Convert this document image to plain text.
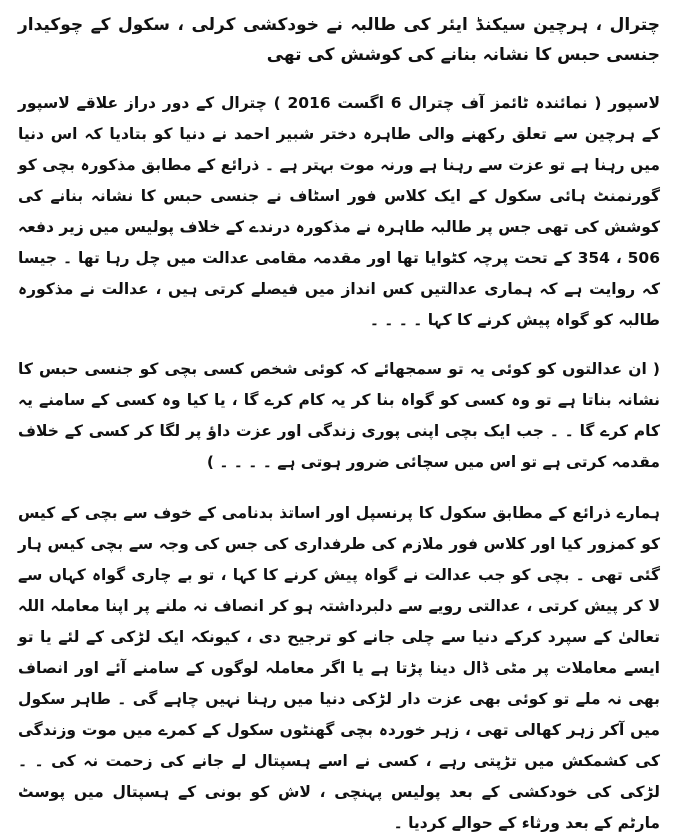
چترال ، ہرچین سیکنڈ ایئر کی طالبہ نے خودکشی کرلی ، سکول کے چوکیدار جنسی حبس کا نشانہ بنانے کی کوشش کی تھی

لاسپور ( نمائندہ ٹائمز آف چترال 6 اگست 2016 ) چترال کے دور دراز علاقے لاسپور کے ہرچین سے تعلق رکھنے والی طاہرہ دختر شبیر احمد نے دنیا کو بتادیا کہ اس دنیا میں رہنا ہے تو عزت سے رہنا ہے ورنہ موت بہتر ہے ۔ ذرائع کے مطابق مذکورہ بچی کو گورنمنٹ ہائی سکول کے ایک کلاس فور اسٹاف نے جنسی حبس کا نشانہ بنانے کی کوشش کی تھی جس پر طالبہ طاہرہ نے مذکورہ درندے کے خلاف پولیس میں زیر دفعہ 506 ، 354 کے تحت پرچہ کٹوایا تھا اور مقدمہ مقامی عدالت میں چل رہا تھا ۔ جیسا کہ روایت ہے کہ ہماری عدالتیں کس انداز میں فیصلے کرتی ہیں ، عدالت نے مذکورہ طالبہ کو گواہ پیش کرنے کا کہا ۔ ۔ ۔ ۔

( ان عدالتوں کو کوئی یہ تو سمجھائے کہ کوئی شخص کسی بچی کو جنسی حبس کا نشانہ بناتا ہے تو وہ کسی کو گواہ بنا کر یہ کام کرے گا ، یا کیا وہ کسی کے سامنے یہ کام کرے گا ۔ ۔ جب ایک بچی اپنی پوری زندگی اور عزت داؤ پر لگا کر کسی کے خلاف مقدمہ کرتی ہے تو اس میں سچائی ضرور ہوتی ہے ۔ ۔ ۔ ۔ )

ہمارے ذرائع کے مطابق سکول کا پرنسپل اور اساتذ بدنامی کے خوف سے بچی کے کیس کو کمزور کیا اور کلاس فور ملازم کی طرفداری کی جس کی وجہ سے بچی کیس ہار گئی تھی ۔ بچی کو جب عدالت نے گواہ پیش کرنے کا کہا ، تو بے چاری گواہ کہاں سے لا کر پیش کرتی ، عدالتی رویے سے دلبرداشتہ ہو کر انصاف نہ ملنے پر اپنا معاملہ اللہ تعالیٰ کے سپرد کرکے دنیا سے چلی جانے کو ترجیح دی ، کیونکہ ایک لڑکی کے لئے یا تو ایسے معاملات پر مٹی ڈال دینا پڑتا ہے یا اگر معاملہ لوگوں کے سامنے آئے اور انصاف بھی نہ ملے تو کوئی بھی عزت دار لڑکی دنیا میں رہنا نہیں چاہے گی ۔ طاہر سکول میں آکر زہر کھالی تھی ، زہر خوردہ بچی گھنٹوں سکول کے کمرے میں موت وزندگی کی کشمکش میں تڑپتی رہے ، کسی نے اسے ہسپتال لے جانے کی زحمت نہ کی ۔ ۔ لڑکی کی خودکشی کے بعد پولیس پہنچی ، لاش کو بونی کے ہسپتال میں پوسٹ مارٹم کے بعد ورثاء کے حوالے کردیا ۔
